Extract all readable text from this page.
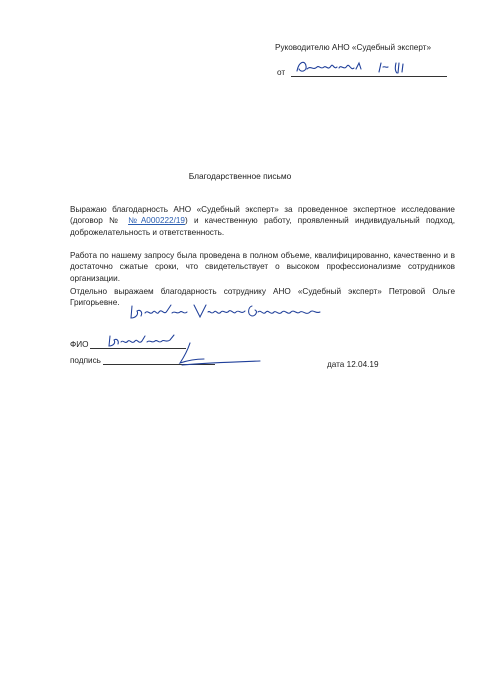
Руководителю АНО «Судебный эксперт»
от
Благодарственное письмо

Выражаю благодарность АНО «Судебный эксперт» за проведенное экспертное исследование (договор № №А000222/19) и качественную работу, проявленный индивидуальный подход, доброжелательность и ответственность.

Работа по нашему запросу была проведена в полном объеме, квалифицированно, качественно и в достаточно сжатые сроки, что свидетельствует о высоком профессионализме сотрудников организации.

Отдельно выражаем благодарность сотруднику АНО «Судебный эксперт» Петровой Ольге Григорьевне.

ФИО
подпись	дата 12.04.19
